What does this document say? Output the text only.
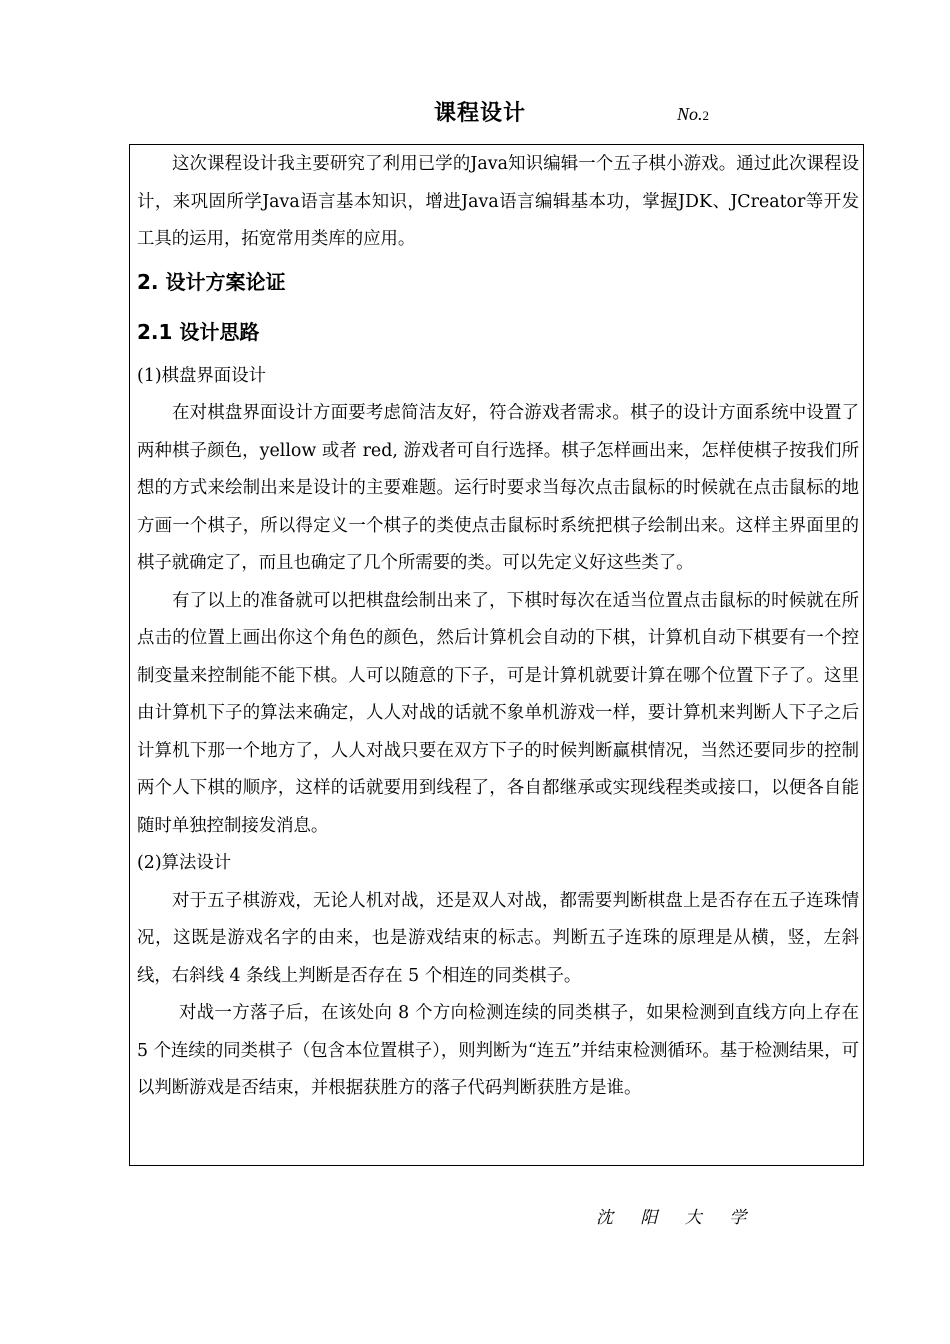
课程设计	No.2

这次课程设计我主要研究了利用已学的Java知识编辑一个五子棋小游戏。通过此次课程设计，来巩固所学Java语言基本知识，增进Java语言编辑基本功，掌握JDK、JCreator等开发工具的运用，拓宽常用类库的应用。

2. 设计方案论证

2.1 设计思路

(1)棋盘界面设计

在对棋盘界面设计方面要考虑简洁友好，符合游戏者需求。棋子的设计方面系统中设置了两种棋子颜色，yellow 或者 red, 游戏者可自行选择。棋子怎样画出来，怎样使棋子按我们所想的方式来绘制出来是设计的主要难题。运行时要求当每次点击鼠标的时候就在点击鼠标的地方画一个棋子，所以得定义一个棋子的类使点击鼠标时系统把棋子绘制出来。这样主界面里的棋子就确定了，而且也确定了几个所需要的类。可以先定义好这些类了。

有了以上的准备就可以把棋盘绘制出来了，下棋时每次在适当位置点击鼠标的时候就在所点击的位置上画出你这个角色的颜色，然后计算机会自动的下棋，计算机自动下棋要有一个控制变量来控制能不能下棋。人可以随意的下子，可是计算机就要计算在哪个位置下子了。这里由计算机下子的算法来确定，人人对战的话就不象单机游戏一样，要计算机来判断人下子之后计算机下那一个地方了，人人对战只要在双方下子的时候判断赢棋情况，当然还要同步的控制两个人下棋的顺序，这样的话就要用到线程了，各自都继承或实现线程类或接口，以便各自能随时单独控制接发消息。

(2)算法设计

对于五子棋游戏，无论人机对战，还是双人对战，都需要判断棋盘上是否存在五子连珠情况，这既是游戏名字的由来，也是游戏结束的标志。判断五子连珠的原理是从横，竖，左斜线，右斜线 4 条线上判断是否存在 5 个相连的同类棋子。

对战一方落子后，在该处向 8 个方向检测连续的同类棋子，如果检测到直线方向上存在 5 个连续的同类棋子（包含本位置棋子），则判断为“连五”并结束检测循环。基于检测结果，可以判断游戏是否结束，并根据获胜方的落子代码判断获胜方是谁。

沈 阳 大 学
